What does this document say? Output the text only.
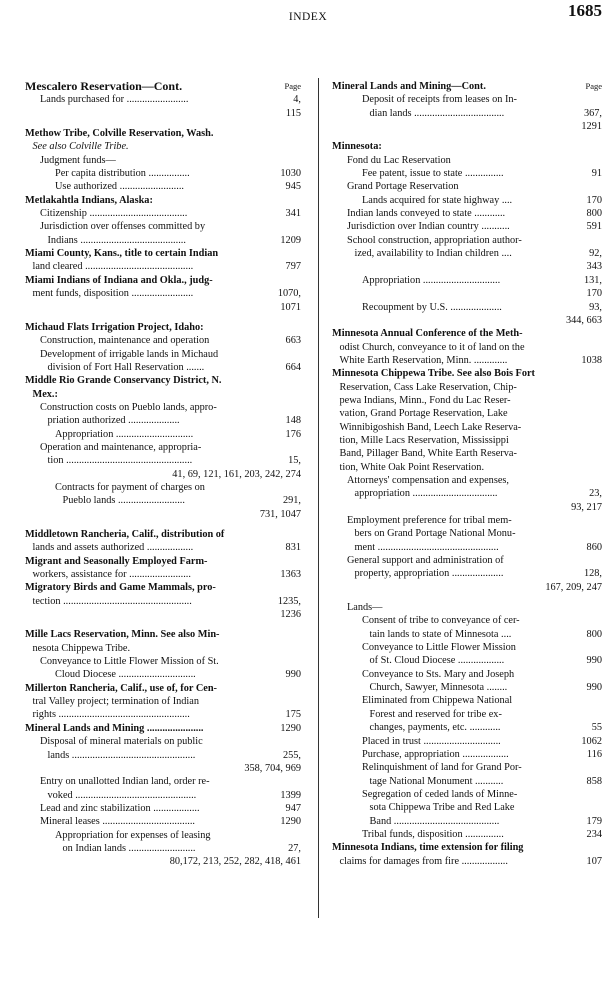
INDEX	1685
Mescalero Reservation—Cont.	Page
Lands purchased for ........................	4,
115
Methow Tribe, Colville Reservation, Wash.
See also Colville Tribe.
Judgment funds—
Per capita distribution ................	1030
Use authorized .........................	945
Metlakahtla Indians, Alaska:
Citizenship ......................................	341
Jurisdiction over offenses committed by
Indians .........................................	1209
Miami County, Kans., title to certain Indian
land cleared ..........................................	797
Miami Indians of Indiana and Okla., judg-
ment funds, disposition ........................	1070,
1071
Michaud Flats Irrigation Project, Idaho:
Construction, maintenance and operation	663
Development of irrigable lands in Michaud
division of Fort Hall Reservation .......	664
Middle Rio Grande Conservancy District, N.
Mex.:
Construction costs on Pueblo lands, appro-
priation authorized ....................	148
Appropriation ..............................	176
Operation and maintenance, appropria-
tion .................................................	15,
41, 69, 121, 161, 203, 242, 274
Contracts for payment of charges on
Pueblo lands ..........................	291,
731, 1047
Middletown Rancheria, Calif., distribution of
lands and assets authorized ..................	831
Migrant and Seasonally Employed Farm-
workers, assistance for ........................	1363
Migratory Birds and Game Mammals, pro-
tection ..................................................	1235,
1236
Mille Lacs Reservation, Minn. See also Min-
nesota Chippewa Tribe.
Conveyance to Little Flower Mission of St.
Cloud Diocese ..............................	990
Millerton Rancheria, Calif., use of, for Cen-
tral Valley project; termination of Indian
rights ...................................................	175
Mineral Lands and Mining ......................	1290
Disposal of mineral materials on public
lands ................................................	255,
358, 704, 969
Entry on unallotted Indian land, order re-
voked ...............................................	1399
Lead and zinc stabilization ..................	947
Mineral leases ....................................	1290
Appropriation for expenses of leasing
on Indian lands ..........................	27,
80,172, 213, 252, 282, 418, 461
Mineral Lands and Mining—Cont.	Page
Deposit of receipts from leases on In-
dian lands ...................................	367,
1291
Minnesota:
Fond du Lac Reservation
Fee patent, issue to state ...............	91
Grand Portage Reservation
Lands acquired for state highway ....	170
Indian lands conveyed to state ............	800
Jurisdiction over Indian country ...........	591
School construction, appropriation author-
ized, availability to Indian children ....	92,
343
Appropriation ..............................	131,
170
Recoupment by U.S. ....................	93,
344, 663
Minnesota Annual Conference of the Meth-
odist Church, conveyance to it of land on the
White Earth Reservation, Minn. .............	1038
Minnesota Chippewa Tribe. See also Bois Fort
Reservation, Cass Lake Reservation, Chip-
pewa Indians, Minn., Fond du Lac Reser-
vation, Grand Portage Reservation, Lake
Winnibigoshish Band, Leech Lake Reserva-
tion, Mille Lacs Reservation, Mississippi
Band, Pillager Band, White Earth Reserva-
tion, White Oak Point Reservation.
Attorneys' compensation and expenses,
appropriation .................................	23,
93, 217
Employment preference for tribal mem-
bers on Grand Portage National Monu-
ment ...............................................	860
General support and administration of
property, appropriation ....................	128,
167, 209, 247
Lands—
Consent of tribe to conveyance of cer-
tain lands to state of Minnesota ....	800
Conveyance to Little Flower Mission
of St. Cloud Diocese ..................	990
Conveyance to Sts. Mary and Joseph
Church, Sawyer, Minnesota ........	990
Eliminated from Chippewa National
Forest and reserved for tribe ex-
changes, payments, etc. ............	55
Placed in trust ..............................	1062
Purchase, appropriation ..................	116
Relinquishment of land for Grand Por-
tage National Monument ...........	858
Segregation of ceded lands of Minne-
sota Chippewa Tribe and Red Lake
Band .........................................	179
Tribal funds, disposition ...............	234
Minnesota Indians, time extension for filing
claims for damages from fire ..................	107
